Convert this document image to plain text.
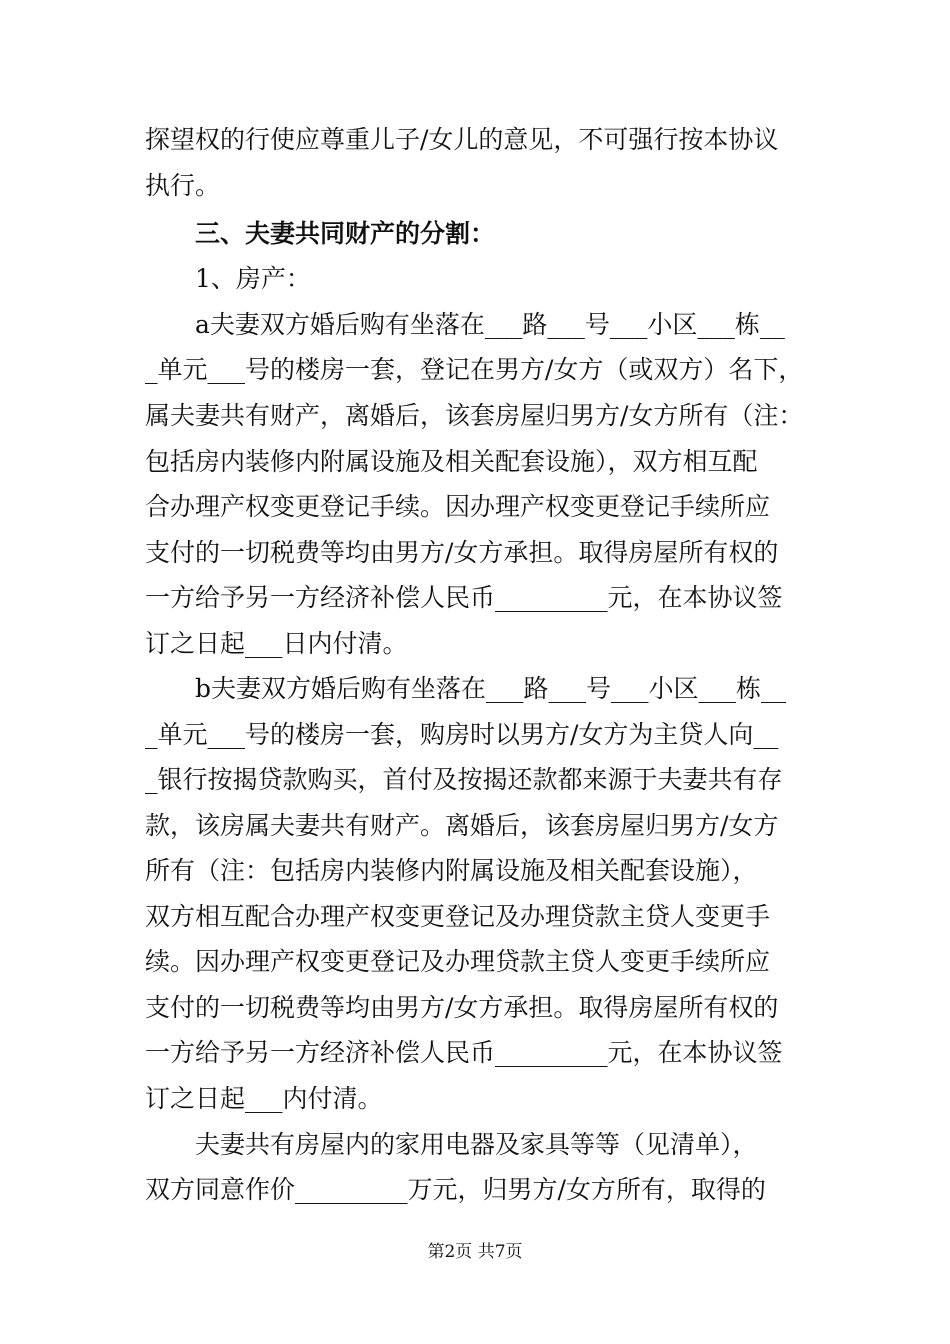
探望权的行使应尊重儿子/女儿的意见，不可强行按本协议
执行。
三、夫妻共同财产的分割：
1、房产：
a夫妻双方婚后购有坐落在___路___号___小区___栋__
_单元___号的楼房一套，登记在男方/女方（或双方）名下，
属夫妻共有财产，离婚后，该套房屋归男方/女方所有（注：
包括房内装修内附属设施及相关配套设施），双方相互配
合办理产权变更登记手续。因办理产权变更登记手续所应
支付的一切税费等均由男方/女方承担。取得房屋所有权的
一方给予另一方经济补偿人民币_________元，在本协议签
订之日起___日内付清。
b夫妻双方婚后购有坐落在___路___号___小区___栋__
_单元___号的楼房一套，购房时以男方/女方为主贷人向__
_银行按揭贷款购买，首付及按揭还款都来源于夫妻共有存
款，该房属夫妻共有财产。离婚后，该套房屋归男方/女方
所有（注：包括房内装修内附属设施及相关配套设施），
双方相互配合办理产权变更登记及办理贷款主贷人变更手
续。因办理产权变更登记及办理贷款主贷人变更手续所应
支付的一切税费等均由男方/女方承担。取得房屋所有权的
一方给予另一方经济补偿人民币_________元，在本协议签
订之日起___内付清。
夫妻共有房屋内的家用电器及家具等等（见清单），
双方同意作价_________万元，归男方/女方所有，取得的
第2页 共7页
